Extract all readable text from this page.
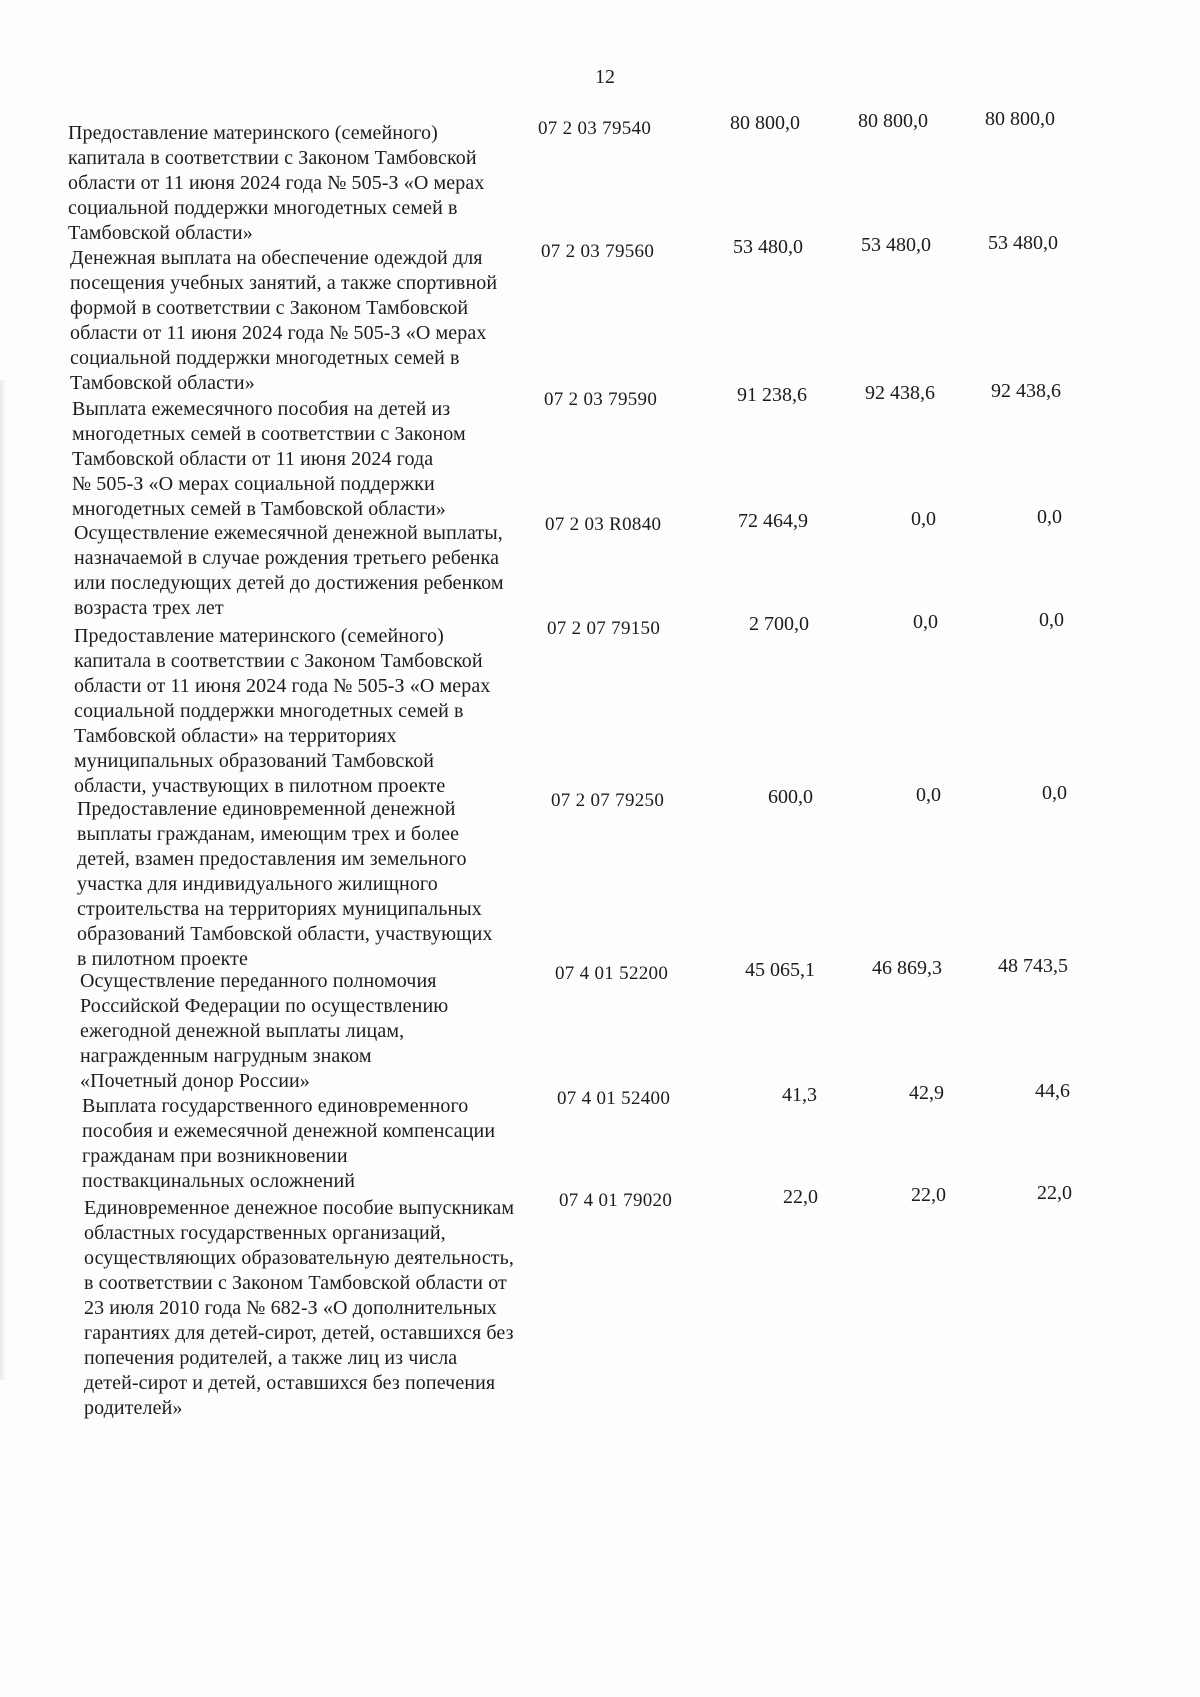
12
Предоставление материнского (семейного)
капитала в соответствии с Законом Тамбовской
области от 11 июня 2024 года № 505-З «О мерах
социальной поддержки многодетных семей в
Тамбовской области»
07 2 03 79540	80 800,0	80 800,0	80 800,0
Денежная выплата на обеспечение одеждой для
посещения учебных занятий, а также спортивной
формой в соответствии с Законом Тамбовской
области от 11 июня 2024 года № 505-З «О мерах
социальной поддержки многодетных семей в
Тамбовской области»
07 2 03 79560	53 480,0	53 480,0	53 480,0
Выплата ежемесячного пособия на детей из
многодетных семей в соответствии с Законом
Тамбовской области от 11 июня 2024 года
№ 505-З «О мерах социальной поддержки
многодетных семей в Тамбовской области»
07 2 03 79590	91 238,6	92 438,6	92 438,6
Осуществление ежемесячной денежной выплаты,
назначаемой в случае рождения третьего ребенка
или последующих детей до достижения ребенком
возраста трех лет
07 2 03 R0840	72 464,9	0,0	0,0
Предоставление материнского (семейного)
капитала в соответствии с Законом Тамбовской
области от 11 июня 2024 года № 505-З «О мерах
социальной поддержки многодетных семей в
Тамбовской области» на территориях
муниципальных образований Тамбовской
области, участвующих в пилотном проекте
07 2 07 79150	2 700,0	0,0	0,0
Предоставление единовременной денежной
выплаты гражданам, имеющим трех и более
детей, взамен предоставления им земельного
участка для индивидуального жилищного
строительства на территориях муниципальных
образований Тамбовской области, участвующих
в пилотном проекте
07 2 07 79250	600,0	0,0	0,0
Осуществление переданного полномочия
Российской Федерации по осуществлению
ежегодной денежной выплаты лицам,
награжденным нагрудным знаком
«Почетный донор России»
07 4 01 52200	45 065,1	46 869,3	48 743,5
Выплата государственного единовременного
пособия и ежемесячной денежной компенсации
гражданам при возникновении
поствакцинальных осложнений
07 4 01 52400	41,3	42,9	44,6
Единовременное денежное пособие выпускникам
областных государственных организаций,
осуществляющих образовательную деятельность,
в соответствии с Законом Тамбовской области от
23 июля 2010 года № 682-З «О дополнительных
гарантиях для детей-сирот, детей, оставшихся без
попечения родителей, а также лиц из числа
детей-сирот и детей, оставшихся без попечения
родителей»
07 4 01 79020	22,0	22,0	22,0
